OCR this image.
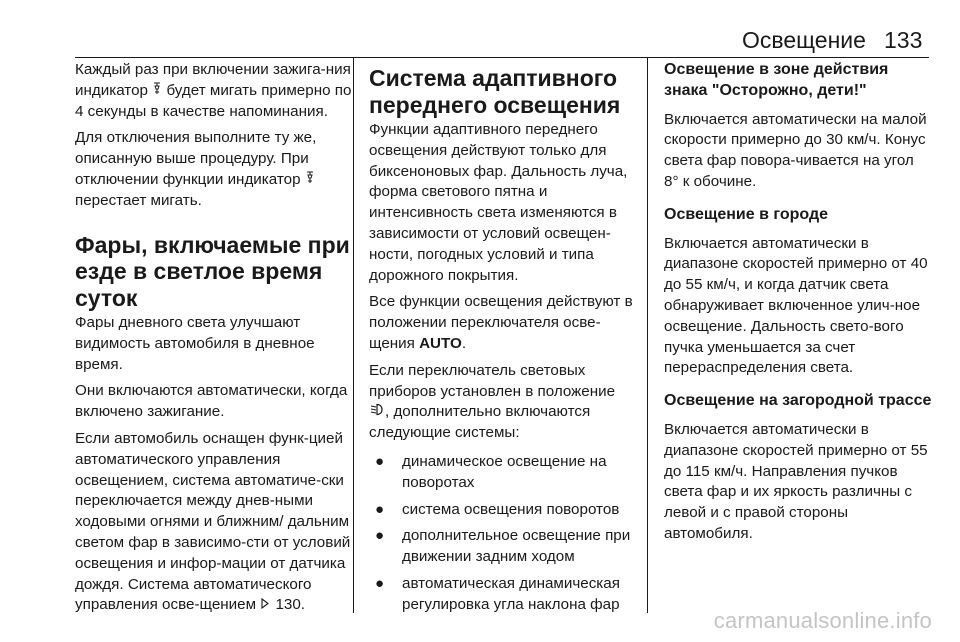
Освещение 133

Каждый раз при включении зажига‐ния индикатор  будет мигать примерно по 4 секунды в качестве напоминания.

Для отключения выполните ту же, описанную выше процедуру. При отключении функции индикатор  перестает мигать.

Фары, включаемые при езде в светлое время суток

Фары дневного света улучшают видимость автомобиля в дневное время.

Они включаются автоматически, когда включено зажигание.

Если автомобиль оснащен функ‐цией автоматического управления освещением, система автоматиче‐ски переключается между днев‐ными ходовыми огнями и ближним/ дальним светом фар в зависимо‐сти от условий освещения и инфор‐мации от датчика дождя. Система автоматического управления осве‐щением  130.

Система адаптивного переднего освещения

Функции адаптивного переднего освещения действуют только для биксеноновых фар. Дальность луча, форма светового пятна и интенсивность света изменяются в зависимости от условий освещен‐ности, погодных условий и типа дорожного покрытия.

Все функции освещения действуют в положении переключателя осве‐щения AUTO.

Если переключатель световых приборов установлен в положение , дополнительно включаются следующие системы:

● динамическое освещение на поворотах
● система освещения поворотов
● дополнительное освещение при движении задним ходом
● автоматическая динамическая регулировка угла наклона фар

Освещение в зоне действия знака "Осторожно, дети!"

Включается автоматически на малой скорости примерно до 30 км/ч. Конус света фар повора‐чивается на угол 8° к обочине.

Освещение в городе

Включается автоматически в диапазоне скоростей примерно от 40 до 55 км/ч, и когда датчик света обнаруживает включенное улич‐ное освещение. Дальность свето‐вого пучка уменьшается за счет перераспределения света.

Освещение на загородной трассе

Включается автоматически в диапазоне скоростей примерно от 55 до 115 км/ч. Направления пучков света фар и их яркость различны с левой и с правой стороны автомобиля.

carmanualsonline.info
